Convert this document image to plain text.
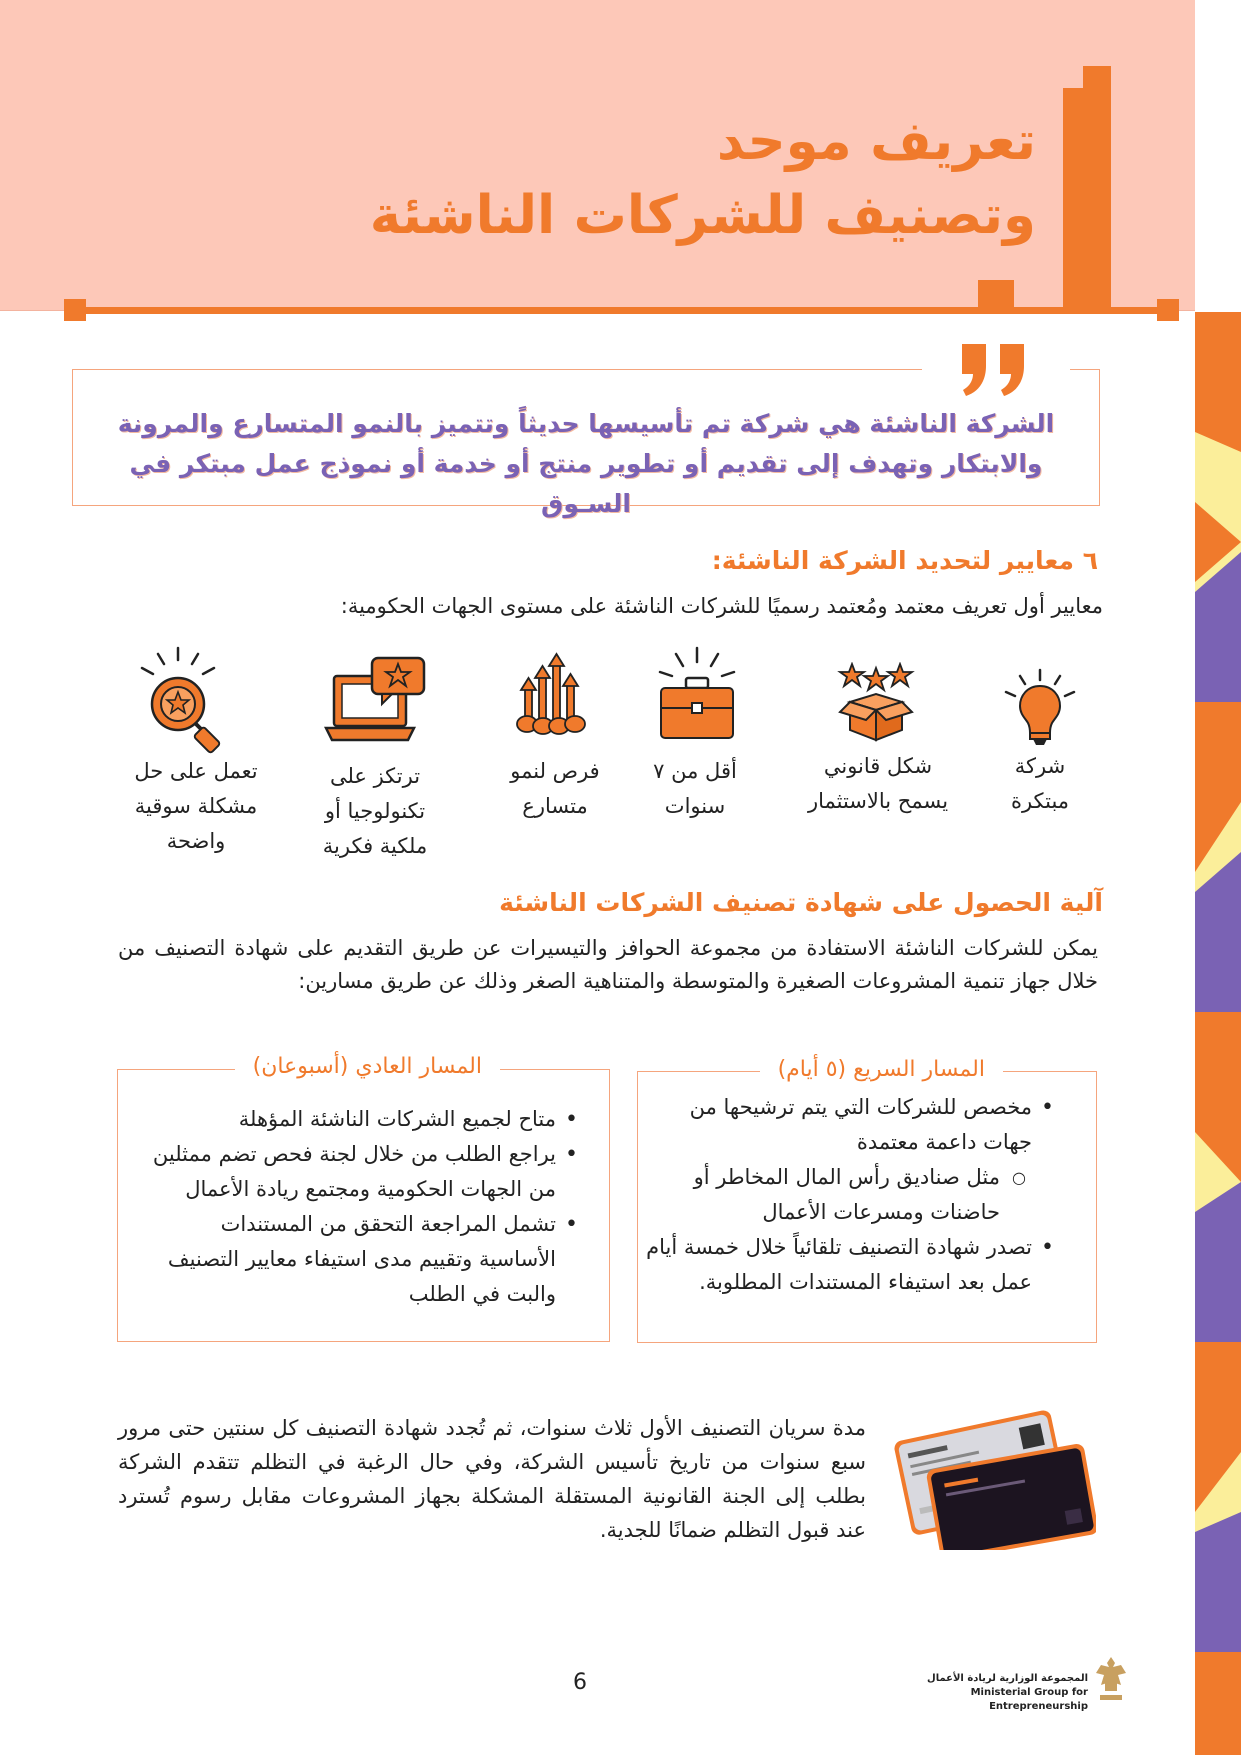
تعريف موحد
وتصنيف للشركات الناشئة
الشركة الناشئة هي شركة تم تأسيسها حديثاً وتتميز بالنمو المتسارع والمرونة
والابتكار وتهدف إلى تقديم أو تطوير منتج أو خدمة أو نموذج عمل مبتكر في السـوق
٦ معايير لتحديد الشركة الناشئة:
معايير أول تعريف معتمد ومُعتمد رسميًا للشركات الناشئة على مستوى الجهات الحكومية:
شركة
مبتكرة
شكل قانوني
يسمح بالاستثمار
أقل من ٧
سنوات
فرص لنمو
متسارع
ترتكز على
تكنولوجيا أو
ملكية فكرية
تعمل على حل
مشكلة سوقية
واضحة
آلية الحصول على شهادة تصنيف الشركات الناشئة
يمكن للشركات الناشئة الاستفادة من مجموعة الحوافز والتيسيرات عن طريق التقديم على شهادة التصنيف من خلال جهاز تنمية المشروعات الصغيرة والمتوسطة والمتناهية الصغر وذلك عن طريق مسارين:
المسار السريع (٥ أيام)
• مخصص للشركات التي يتم ترشيحها من جهات داعمة معتمدة
○ مثل صناديق رأس المال المخاطر أو حاضنات ومسرعات الأعمال
• تصدر شهادة التصنيف تلقائياً خلال خمسة أيام عمل بعد استيفاء المستندات المطلوبة.
المسار العادي (أسبوعان)
• متاح لجميع الشركات الناشئة المؤهلة
• يراجع الطلب من خلال لجنة فحص تضم ممثلين من الجهات الحكومية ومجتمع ريادة الأعمال
• تشمل المراجعة التحقق من المستندات الأساسية وتقييم مدى استيفاء معايير التصنيف والبت في الطلب
مدة سريان التصنيف الأول ثلاث سنوات، ثم تُجدد شهادة التصنيف كل سنتين حتى مرور سبع سنوات من تاريخ تأسيس الشركة، وفي حال الرغبة في التظلم تتقدم الشركة بطلب إلى الجنة القانونية المستقلة المشكلة بجهاز المشروعات مقابل رسوم تُسترد عند قبول التظلم ضمانًا للجدية.
6	المجموعة الوزارية لريادة الأعمال
Ministerial Group for Entrepreneurship
